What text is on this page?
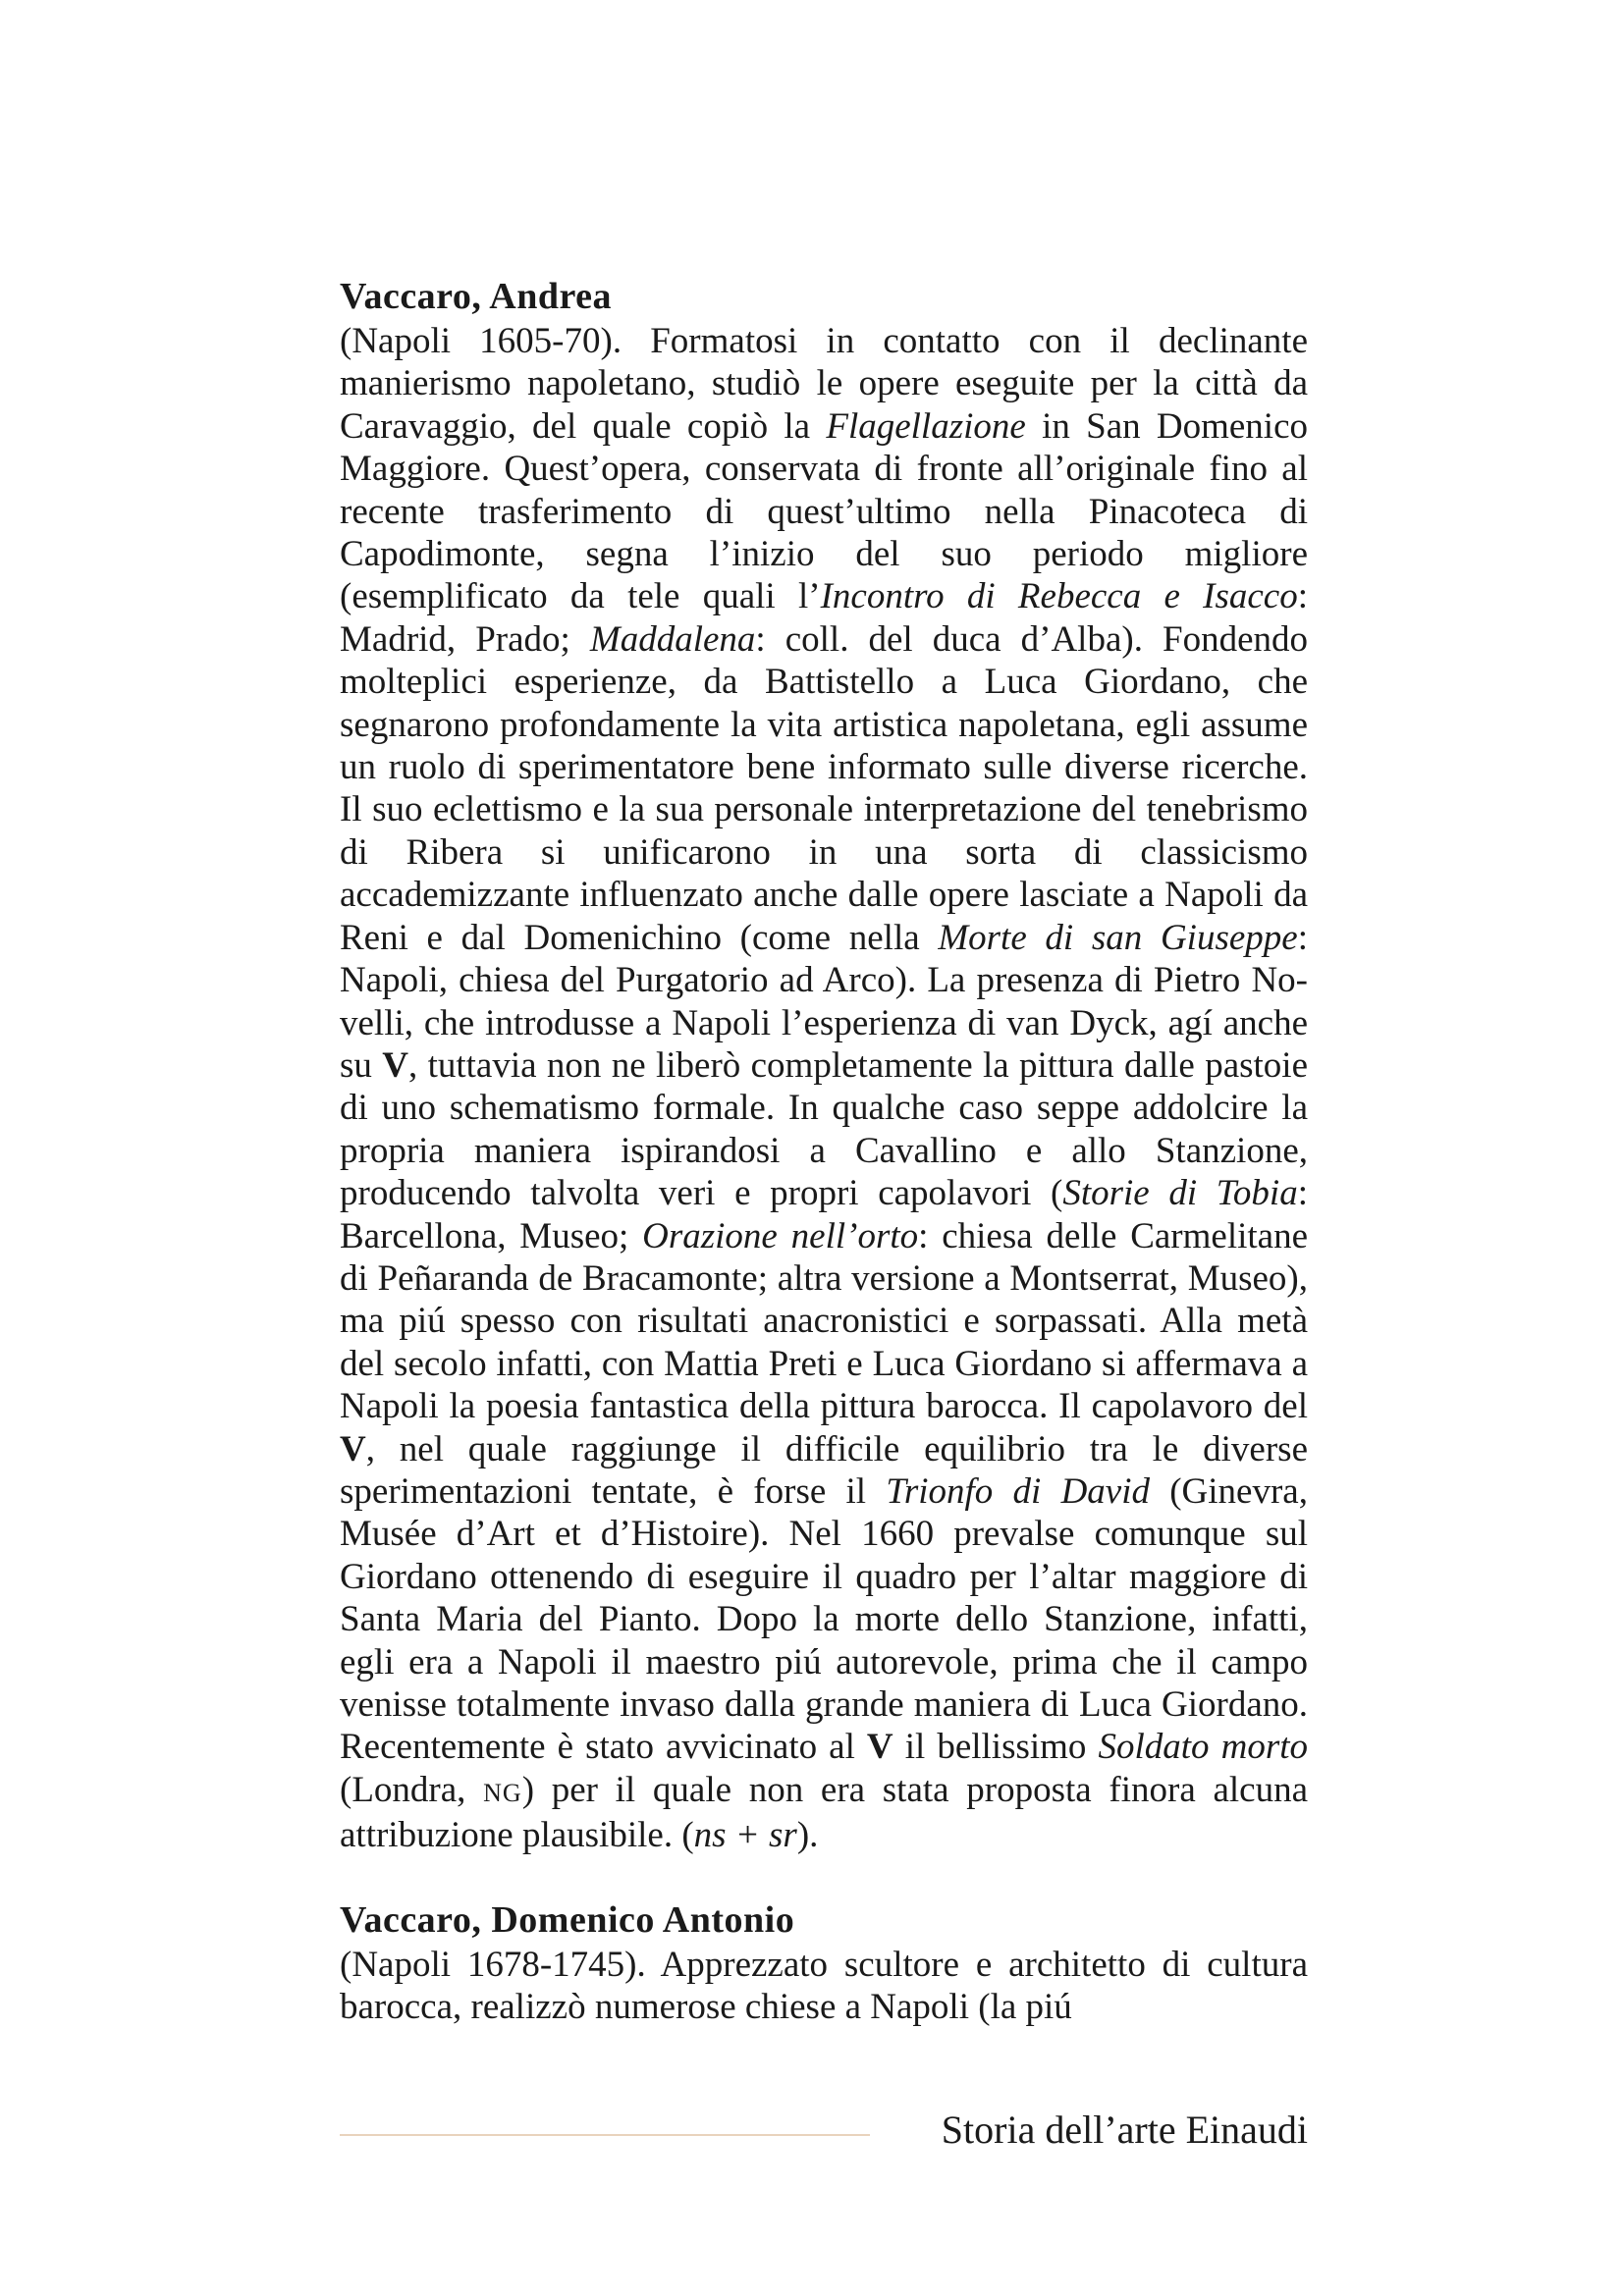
Vaccaro, Andrea

(Napoli 1605-70). Formatosi in contatto con il declinante manierismo napoletano, studiò le opere eseguite per la città da Caravaggio, del quale copiò la Flagellazione in San Domenico Maggiore. Quest’opera, conservata di fronte all’originale fino al recente trasferimento di quest’ultimo nella Pinacoteca di Capodimonte, segna l’inizio del suo periodo migliore (esemplificato da tele quali l’Incontro di Rebecca e Isacco: Madrid, Prado; Maddalena: coll. del duca d’Alba). Fondendo molteplici esperienze, da Battistello a Luca Giordano, che segnarono profondamente la vita artistica napoletana, egli assume un ruolo di sperimentatore bene informato sulle diverse ricerche. Il suo eclettismo e la sua personale interpretazione del tenebrismo di Ribera si unificarono in una sorta di classicismo accademizzante influenzato anche dalle opere lasciate a Napoli da Reni e dal Domenichino (come nella Morte di san Giuseppe: Napoli, chiesa del Purgatorio ad Arco). La presenza di Pietro Novelli, che introdusse a Napoli l’esperienza di van Dyck, agí anche su V, tuttavia non ne liberò completamente la pittura dalle pastoie di uno schematismo formale. In qualche caso seppe addolcire la propria maniera ispirandosi a Cavallino e allo Stanzione, producendo talvolta veri e propri capolavori (Storie di Tobia: Barcellona, Museo; Orazione nell’orto: chiesa delle Carmelitane di Peñaranda de Bracamonte; altra versione a Montserrat, Museo), ma piú spesso con risultati anacronistici e sorpassati. Alla metà del secolo infatti, con Mattia Preti e Luca Giordano si affermava a Napoli la poesia fantastica della pittura barocca. Il capolavoro del V, nel quale raggiunge il difficile equilibrio tra le diverse sperimentazioni tentate, è forse il Trionfo di David (Ginevra, Musée d’Art et d’Histoire). Nel 1660 prevalse comunque sul Giordano ottenendo di eseguire il quadro per l’altar maggiore di Santa Maria del Pianto. Dopo la morte dello Stanzione, infatti, egli era a Napoli il maestro piú autorevole, prima che il campo venisse totalmente invaso dalla grande maniera di Luca Giordano. Recentemente è stato avvicinato al V il bellissimo Soldato morto (Londra, NG) per il quale non era stata proposta finora alcuna attribuzione plausibile. (ns + sr).

Vaccaro, Domenico Antonio

(Napoli 1678-1745). Apprezzato scultore e architetto di cultura barocca, realizzò numerose chiese a Napoli (la piú

Storia dell’arte Einaudi
